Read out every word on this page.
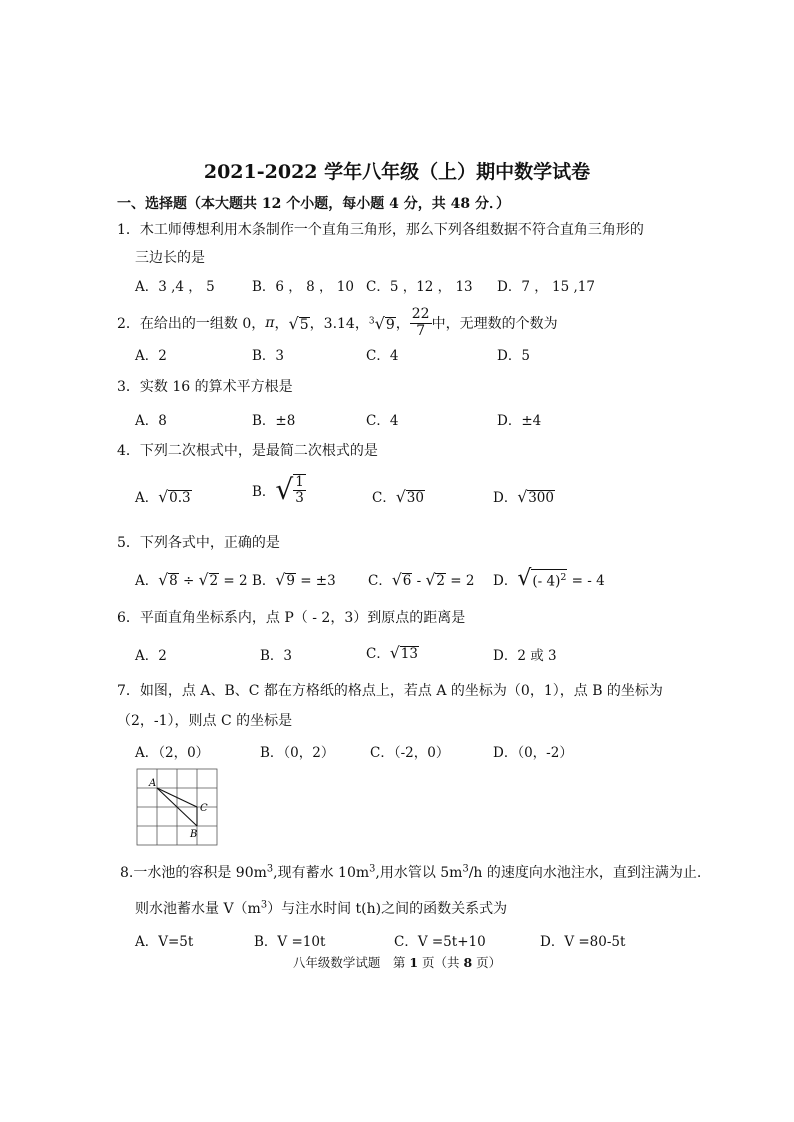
2021-2022 学年八年级（上）期中数学试卷
一、选择题（本大题共 12 个小题，每小题 4 分，共 48 分．）
1．木工师傅想利用木条制作一个直角三角形，那么下列各组数据不符合直角三角形的
三边长的是
A．3 ,4 ， 5	B．6 ， 8 ， 10 C．5 ，12 ， 13 D．7 ， 15 ,17
2．在给出的一组数 0， π ， √5 ，3.14， $^3$√9 ， $\frac{22}{7}$ 中，无理数的个数为
A．2	B．3	C．4	D．5
3．实数 16 的算术平方根是
A．8	B．±8	C．4	D．±4
4．下列二次根式中，是最简二次根式的是
A．√0.3	B． √ $\frac{1}{3}$	C．√30	D．√300
5．下列各式中，正确的是
A．√8 ÷ √2 = 2 B．√9 = ±3 C．√6 - √2 = 2 D．√(- 4)$^2$ = - 4
6．平面直角坐标系内，点 P（ - 2，3）到原点的距离是
A．2	B．3	C．√13	D．2 或 3
7．如图，点 A、B、C 都在方格纸的格点上，若点 A 的坐标为（0，1），点 B 的坐标为
（2，-1），则点 C 的坐标是
A．（2，0）	B．（0，2）	C．（-2，0）	D．（0，-2）
A
C
B
8.一水池的容积是 $90m^3$,现有蓄水 $10m^3$,用水管以 $5m^3/h$ 的速度向水池注水，直到注满为止.
则水池蓄水量 $V(m^3)$与注水时间 t(h)之间的函数关系式为
A．V=5t	B．V =10t	C．V =5t+10	D．V =80-5t
八年级数学试题　第 1 页（共 8 页）
